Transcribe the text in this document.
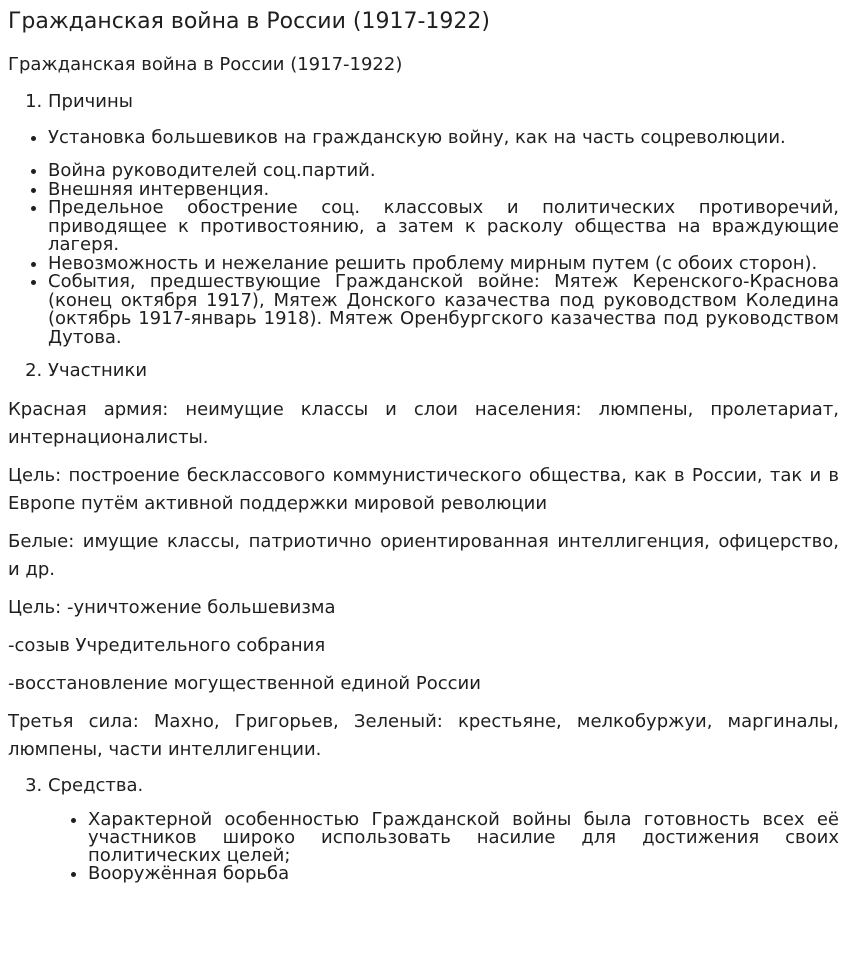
Гражданская война в России (1917-1922)
Гражданская война в России (1917-1922)
1. Причины
• Установка большевиков на гражданскую войну, как на часть соцреволюции.
• Война руководителей соц.партий.
• Внешняя интервенция.
• Предельное обострение соц. классовых и политических противоречий, приводящее к противостоянию, а затем к расколу общества на враждующие лагеря.
• Невозможность и нежелание решить проблему мирным путем (с обоих сторон).
• События, предшествующие Гражданской войне: Мятеж Керенского-Краснова (конец октября 1917), Мятеж Донского казачества под руководством Коледина (октябрь 1917-январь 1918). Мятеж Оренбургского казачества под руководством Дутова.
2. Участники

Красная армия: неимущие классы и слои населения: люмпены, пролетариат, интернационалисты.

Цель: построение бесклассового коммунистического общества, как в России, так и в Европе путём активной поддержки мировой революции

Белые: имущие классы, патриотично ориентированная интеллигенция, офицерство, и др.

Цель: -уничтожение большевизма

-созыв Учредительного собрания

-восстановление могущественной единой России

Третья сила: Махно, Григорьев, Зеленый: крестьяне, мелкобуржуи, маргиналы, люмпены, части интеллигенции.

3. Средства.
• Характерной особенностью Гражданской войны была готовность всех её участников широко использовать насилие для достижения своих политических целей;
• Вооружённая борьба
